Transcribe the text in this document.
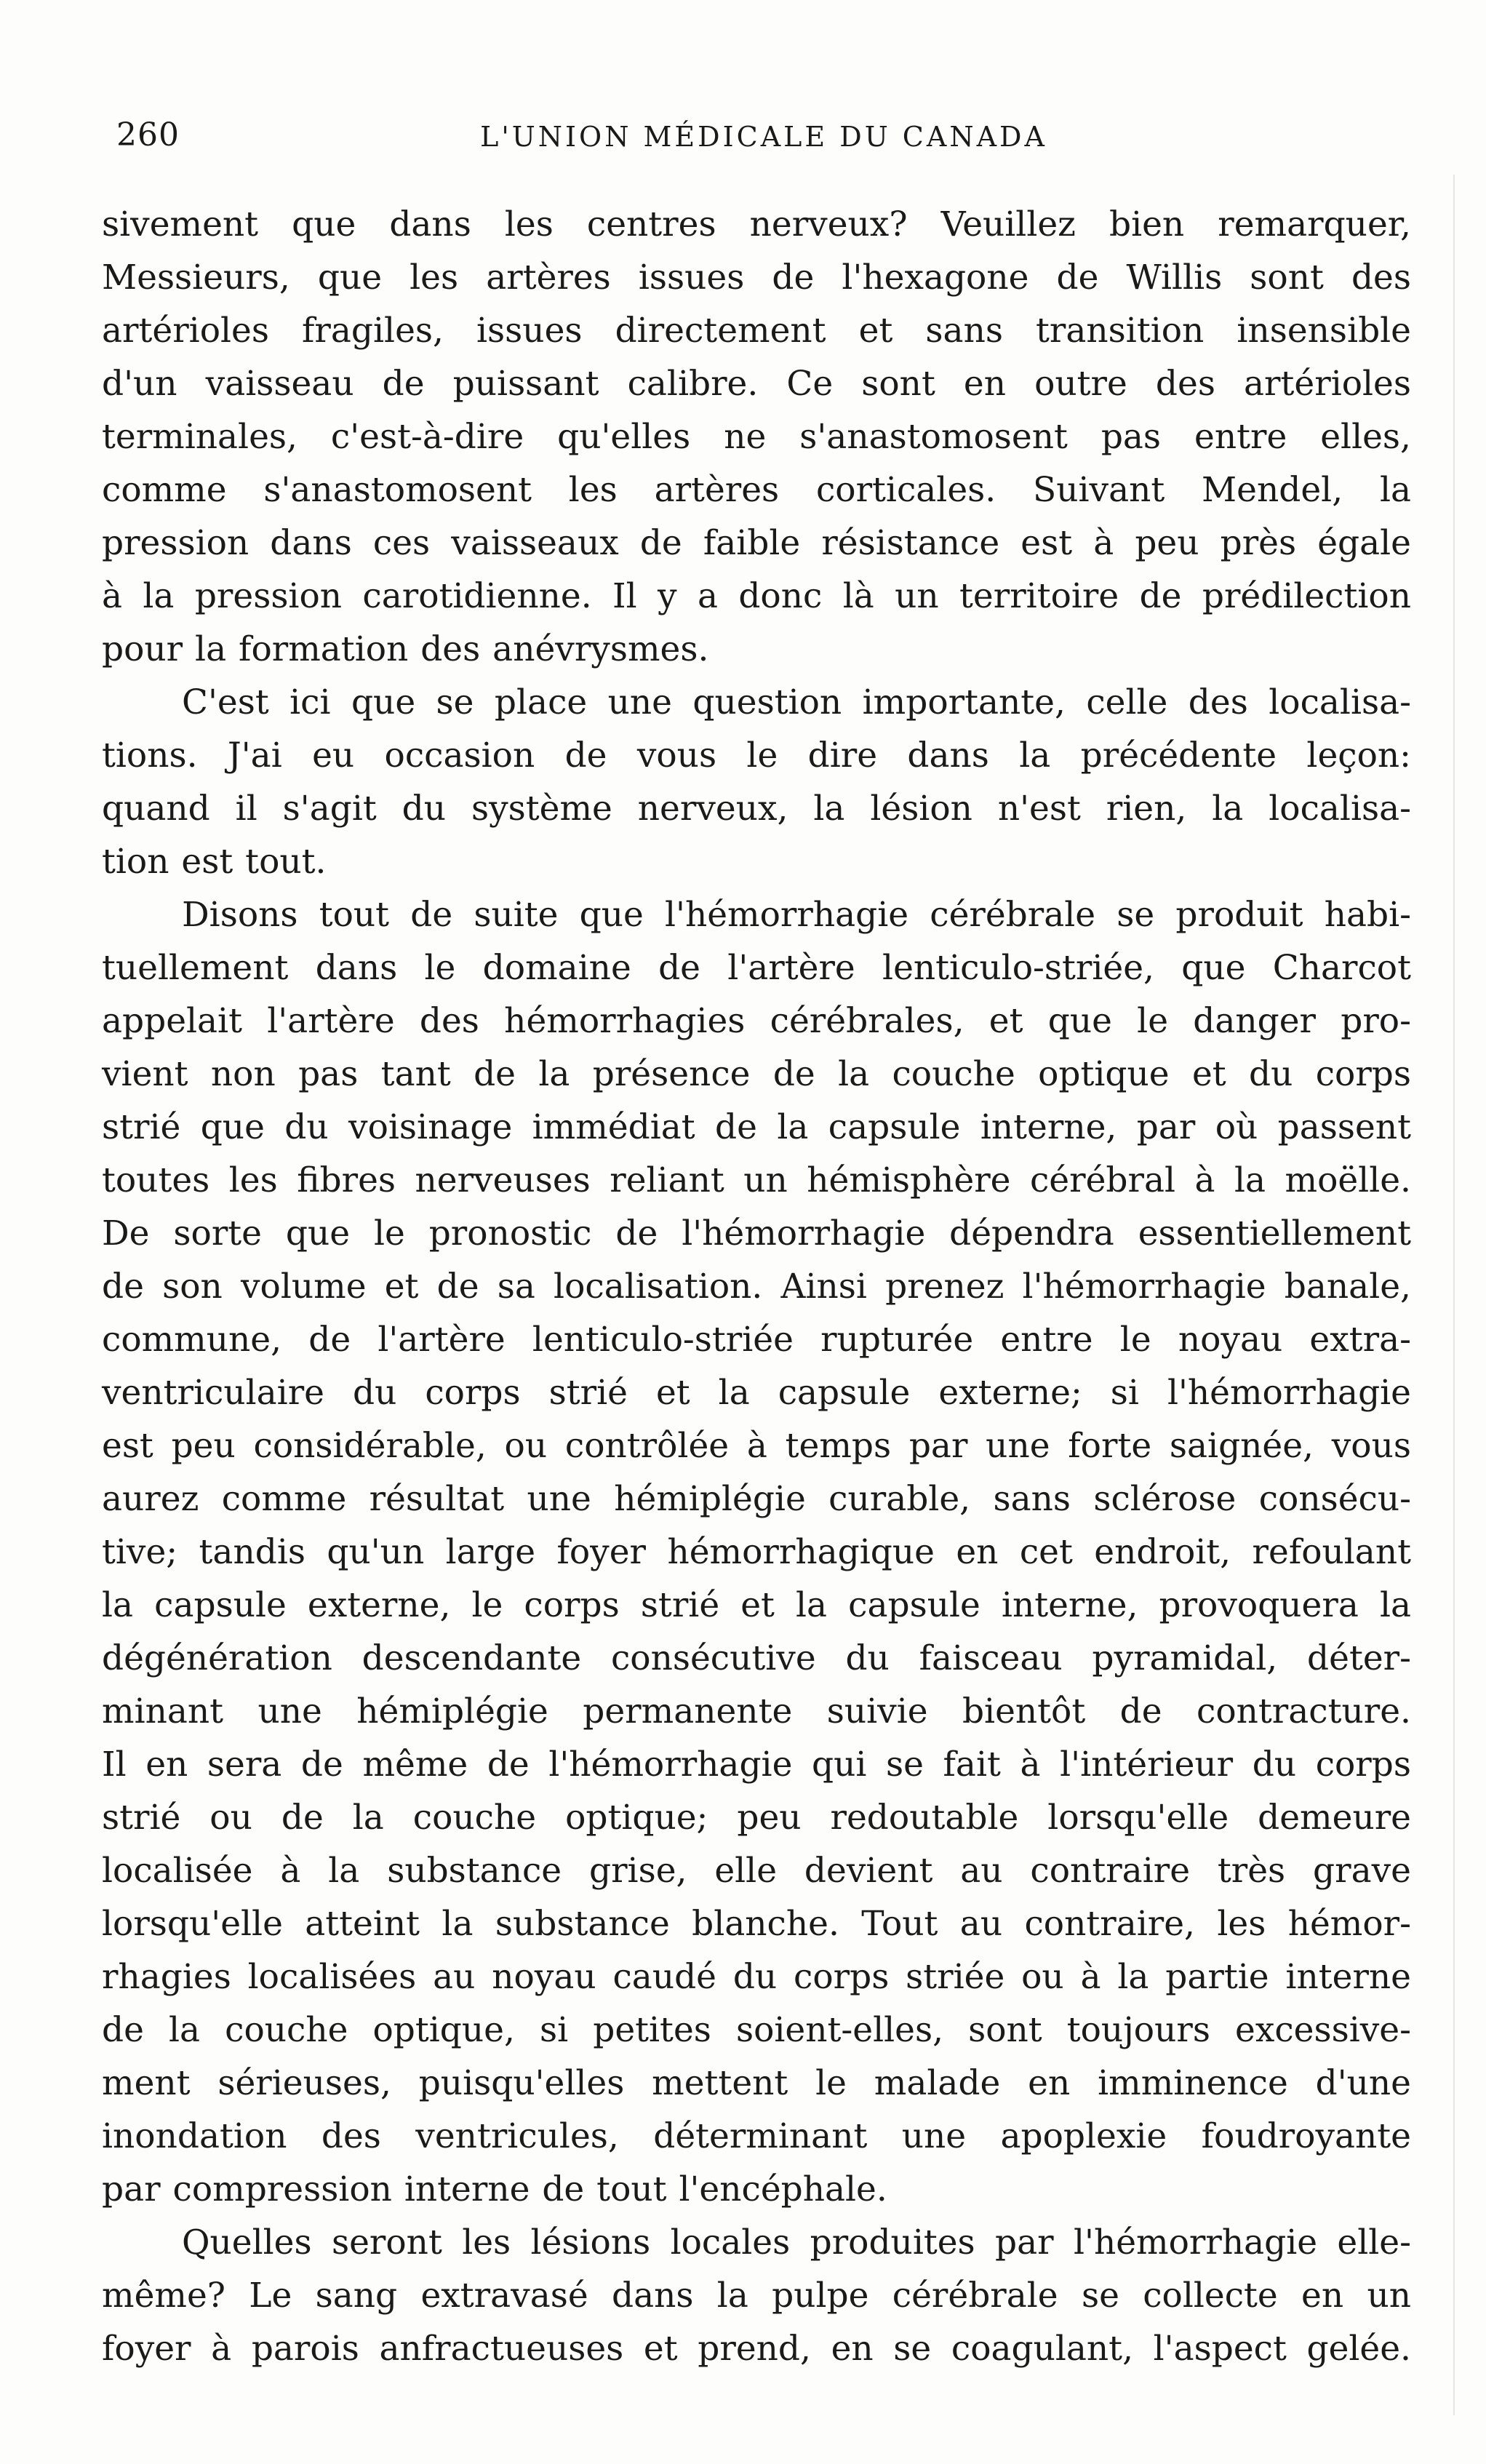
260	L'UNION MÉDICALE DU CANADA

sivement que dans les centres nerveux? Veuillez bien remarquer,
Messieurs, que les artères issues de l'hexagone de Willis sont des
artérioles fragiles, issues directement et sans transition insensible
d'un vaisseau de puissant calibre. Ce sont en outre des artérioles
terminales, c'est-à-dire qu'elles ne s'anastomosent pas entre elles,
comme s'anastomosent les artères corticales. Suivant Mendel, la
pression dans ces vaisseaux de faible résistance est à peu près égale
à la pression carotidienne. Il y a donc là un territoire de prédilection
pour la formation des anévrysmes.

C'est ici que se place une question importante, celle des localisa-
tions. J'ai eu occasion de vous le dire dans la précédente leçon:
quand il s'agit du système nerveux, la lésion n'est rien, la localisa-
tion est tout.

Disons tout de suite que l'hémorrhagie cérébrale se produit habi-
tuellement dans le domaine de l'artère lenticulo-striée, que Charcot
appelait l'artère des hémorrhagies cérébrales, et que le danger pro-
vient non pas tant de la présence de la couche optique et du corps
strié que du voisinage immédiat de la capsule interne, par où passent
toutes les fibres nerveuses reliant un hémisphère cérébral à la moëlle.
De sorte que le pronostic de l'hémorrhagie dépendra essentiellement
de son volume et de sa localisation. Ainsi prenez l'hémorrhagie banale,
commune, de l'artère lenticulo-striée rupturée entre le noyau extra-
ventriculaire du corps strié et la capsule externe; si l'hémorrhagie
est peu considérable, ou contrôlée à temps par une forte saignée, vous
aurez comme résultat une hémiplégie curable, sans sclérose consécu-
tive; tandis qu'un large foyer hémorrhagique en cet endroit, refoulant
la capsule externe, le corps strié et la capsule interne, provoquera la
dégénération descendante consécutive du faisceau pyramidal, déter-
minant une hémiplégie permanente suivie bientôt de contracture.
Il en sera de même de l'hémorrhagie qui se fait à l'intérieur du corps
strié ou de la couche optique; peu redoutable lorsqu'elle demeure
localisée à la substance grise, elle devient au contraire très grave
lorsqu'elle atteint la substance blanche. Tout au contraire, les hémor-
rhagies localisées au noyau caudé du corps striée ou à la partie interne
de la couche optique, si petites soient-elles, sont toujours excessive-
ment sérieuses, puisqu'elles mettent le malade en imminence d'une
inondation des ventricules, déterminant une apoplexie foudroyante
par compression interne de tout l'encéphale.

Quelles seront les lésions locales produites par l'hémorrhagie elle-
même? Le sang extravasé dans la pulpe cérébrale se collecte en un
foyer à parois anfractueuses et prend, en se coagulant, l'aspect gelée.
